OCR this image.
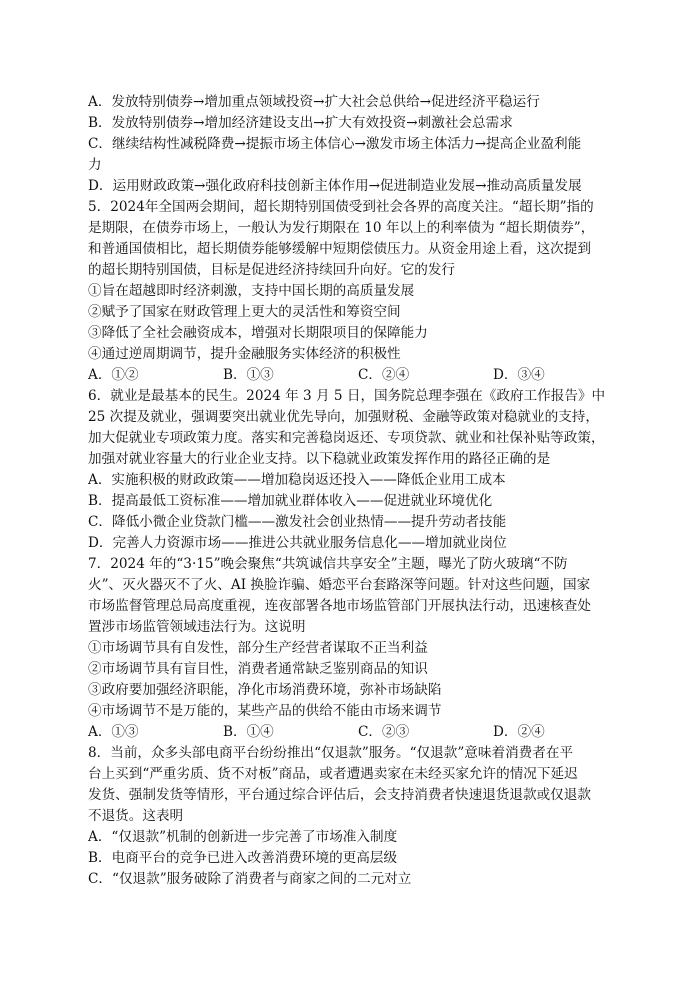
A．发放特别债券→增加重点领域投资→扩大社会总供给→促进经济平稳运行
B．发放特别债券→增加经济建设支出→扩大有效投资→刺激社会总需求
C．继续结构性减税降费→提振市场主体信心→激发市场主体活力→提高企业盈利能
力
D．运用财政政策→强化政府科技创新主体作用→促进制造业发展→推动高质量发展
5．2024年全国两会期间，超长期特别国债受到社会各界的高度关注。“超长期”指的
是期限，在债券市场上，一般认为发行期限在 10 年以上的利率债为 “超长期债券”，
和普通国债相比，超长期债券能够缓解中短期偿债压力。从资金用途上看，这次提到
的超长期特别国债，目标是促进经济持续回升向好。它的发行
①旨在超越即时经济刺激，支持中国长期的高质量发展
②赋予了国家在财政管理上更大的灵活性和筹资空间
③降低了全社会融资成本，增强对长期限项目的保障能力
④通过逆周期调节，提升金融服务实体经济的积极性
A．①②	B．①③	C．②④	D．③④
6．就业是最基本的民生。2024 年 3 月 5 日，国务院总理李强在《政府工作报告》中
25 次提及就业，强调要突出就业优先导向，加强财税、金融等政策对稳就业的支持，
加大促就业专项政策力度。落实和完善稳岗返还、专项贷款、就业和社保补贴等政策，
加强对就业容量大的行业企业支持。以下稳就业政策发挥作用的路径正确的是
A．实施积极的财政政策——增加稳岗返还投入——降低企业用工成本
B．提高最低工资标准——增加就业群体收入——促进就业环境优化
C．降低小微企业贷款门槛——激发社会创业热情——提升劳动者技能
D．完善人力资源市场——推进公共就业服务信息化——增加就业岗位
7．2024 年的“3·15”晚会聚焦“共筑诚信共享安全”主题，曝光了防火玻璃“不防
火”、灭火器灭不了火、AI 换脸诈骗、婚恋平台套路深等问题。针对这些问题，国家
市场监督管理总局高度重视，连夜部署各地市场监管部门开展执法行动，迅速核查处
置涉市场监管领域违法行为。这说明
①市场调节具有自发性，部分生产经营者谋取不正当利益
②市场调节具有盲目性，消费者通常缺乏鉴别商品的知识
③政府要加强经济职能，净化市场消费环境，弥补市场缺陷
④市场调节不是万能的，某些产品的供给不能由市场来调节
A．①③	B．①④	C．②③	D．②④
8．当前，众多头部电商平台纷纷推出“仅退款”服务。“仅退款”意味着消费者在平
台上买到“严重劣质、货不对板”商品，或者遭遇卖家在未经买家允许的情况下延迟
发货、强制发货等情形，平台通过综合评估后，会支持消费者快速退货退款或仅退款
不退货。这表明
A．“仅退款”机制的创新进一步完善了市场准入制度
B．电商平台的竞争已进入改善消费环境的更高层级
C．“仅退款”服务破除了消费者与商家之间的二元对立
